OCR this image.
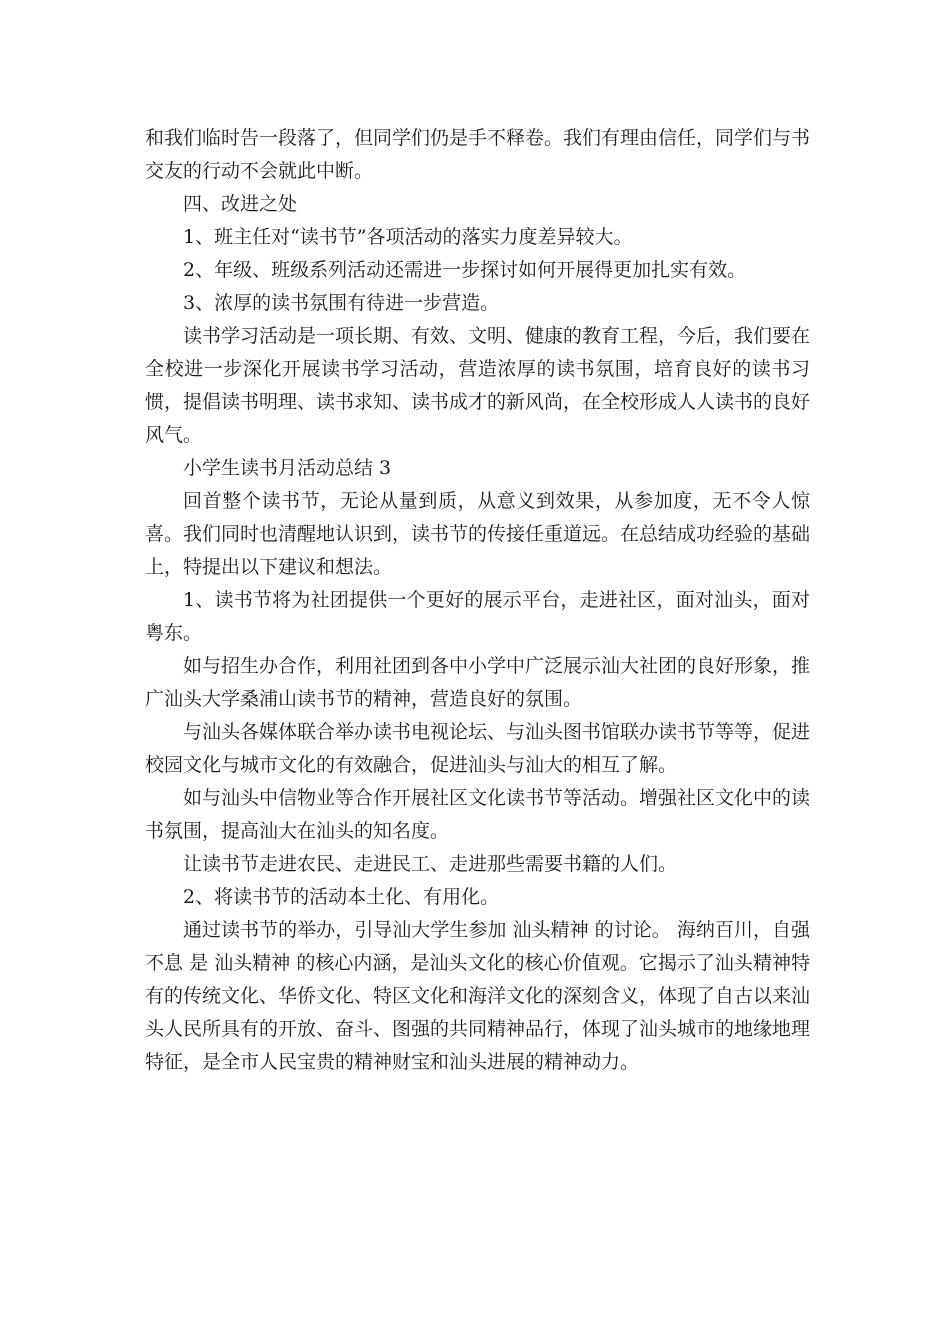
和我们临时告一段落了，但同学们仍是手不释卷。我们有理由信任，同学们与书交友的行动不会就此中断。

四、改进之处

1、班主任对“读书节”各项活动的落实力度差异较大。

2、年级、班级系列活动还需进一步探讨如何开展得更加扎实有效。

3、浓厚的读书氛围有待进一步营造。

读书学习活动是一项长期、有效、文明、健康的教育工程，今后，我们要在全校进一步深化开展读书学习活动，营造浓厚的读书氛围，培育良好的读书习惯，提倡读书明理、读书求知、读书成才的新风尚，在全校形成人人读书的良好风气。

小学生读书月活动总结 3

回首整个读书节，无论从量到质，从意义到效果，从参加度，无不令人惊喜。我们同时也清醒地认识到，读书节的传接任重道远。在总结成功经验的基础上，特提出以下建议和想法。

1、读书节将为社团提供一个更好的展示平台，走进社区，面对汕头，面对粤东。

如与招生办合作，利用社团到各中小学中广泛展示汕大社团的良好形象，推广汕头大学桑浦山读书节的精神，营造良好的氛围。

与汕头各媒体联合举办读书电视论坛、与汕头图书馆联办读书节等等，促进校园文化与城市文化的有效融合，促进汕头与汕大的相互了解。

如与汕头中信物业等合作开展社区文化读书节等活动。增强社区文化中的读书氛围，提高汕大在汕头的知名度。

让读书节走进农民、走进民工、走进那些需要书籍的人们。

2、将读书节的活动本土化、有用化。

通过读书节的举办，引导汕大学生参加 汕头精神 的讨论。 海纳百川，自强不息 是 汕头精神 的核心内涵，是汕头文化的核心价值观。它揭示了汕头精神特有的传统文化、华侨文化、特区文化和海洋文化的深刻含义，体现了自古以来汕头人民所具有的开放、奋斗、图强的共同精神品行，体现了汕头城市的地缘地理特征，是全市人民宝贵的精神财宝和汕头进展的精神动力。
